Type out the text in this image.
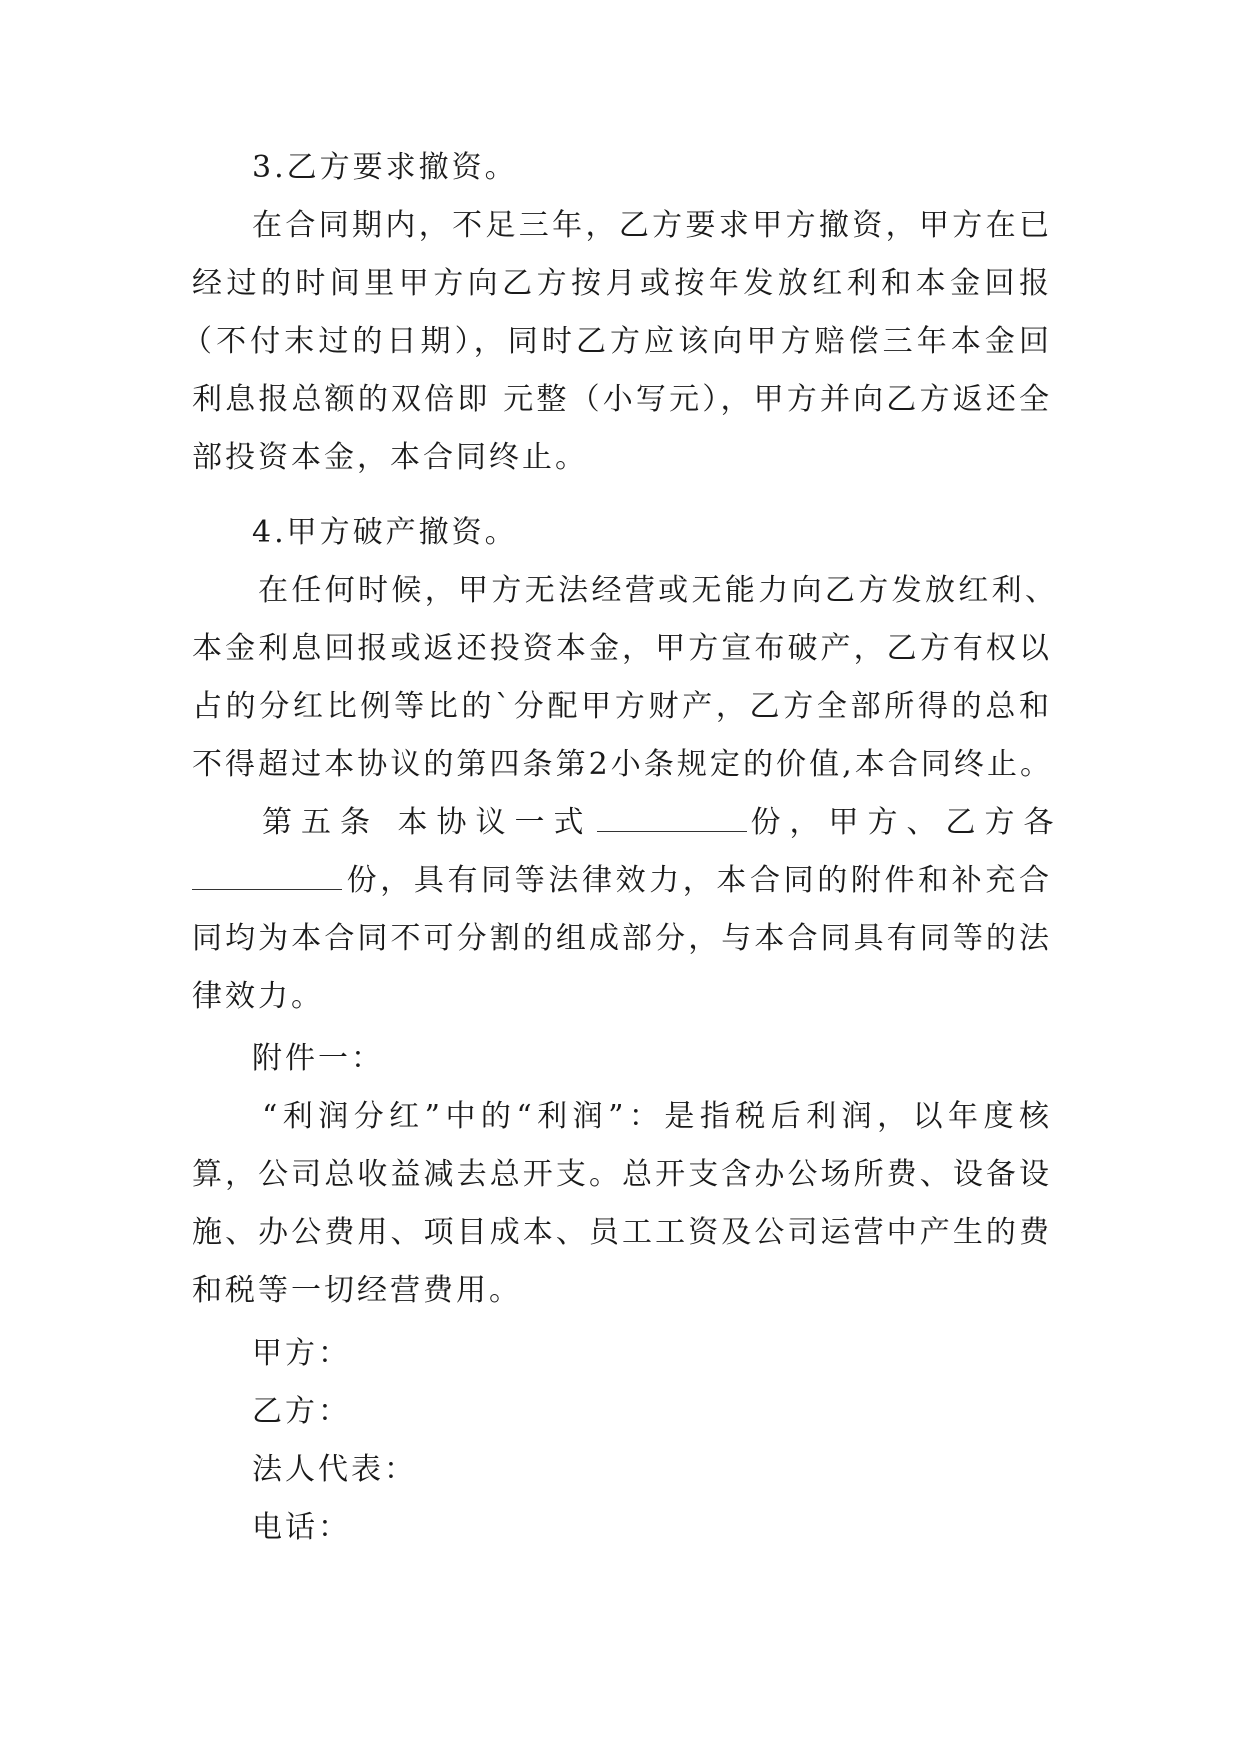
3.乙方要求撤资。
在合同期内，不足三年，乙方要求甲方撤资，甲方在已
经过的时间里甲方向乙方按月或按年发放红利和本金回报
（不付末过的日期），同时乙方应该向甲方赔偿三年本金回
利息报总额的双倍即 元整（小写元），甲方并向乙方返还全
部投资本金，本合同终止。
4.甲方破产撤资。
在任何时候，甲方无法经营或无能力向乙方发放红利、
本金利息回报或返还投资本金，甲方宣布破产，乙方有权以
占的分红比例等比的`分配甲方财产，乙方全部所得的总和
不得超过本协议的第四条第2小条规定的价值,本合同终止。
第五条 本协议一式	份，甲方、乙方各
份，具有同等法律效力，本合同的附件和补充合
同均为本合同不可分割的组成部分，与本合同具有同等的法
律效力。
附件一：
“利润分红”中的“利润”：是指税后利润，以年度核
算，公司总收益减去总开支。总开支含办公场所费、设备设
施、办公费用、项目成本、员工工资及公司运营中产生的费
和税等一切经营费用。
甲方：
乙方：
法人代表：
电话：
